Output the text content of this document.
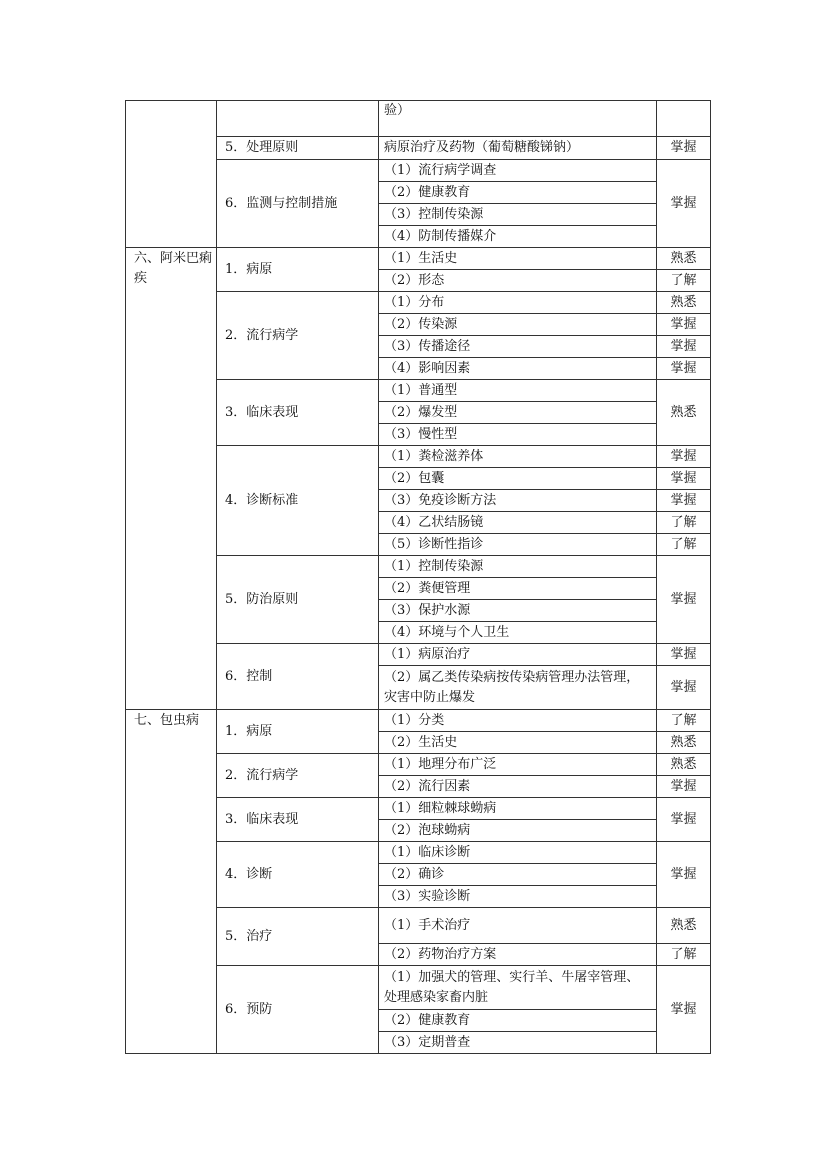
		验）	
	5．处理原则	病原治疗及药物（葡萄糖酸锑钠）	掌握
	6．监测与控制措施	（1）流行病学调查	掌握
		（2）健康教育	
		（3）控制传染源	
		（4）防制传播媒介	
六、阿米巴痢疾	1．病原	（1）生活史	熟悉
		（2）形态	了解
	2．流行病学	（1）分布	熟悉
		（2）传染源	掌握
		（3）传播途径	掌握
		（4）影响因素	掌握
	3．临床表现	（1）普通型	熟悉
		（2）爆发型	
		（3）慢性型	
	4．诊断标准	（1）粪检滋养体	掌握
		（2）包囊	掌握
		（3）免疫诊断方法	掌握
		（4）乙状结肠镜	了解
		（5）诊断性指诊	了解
	5．防治原则	（1）控制传染源	掌握
		（2）粪便管理	
		（3）保护水源	
		（4）环境与个人卫生	
	6．控制	（1）病原治疗	掌握
		（2）属乙类传染病按传染病管理办法管理，灾害中防止爆发	掌握
七、包虫病	1．病原	（1）分类	了解
		（2）生活史	熟悉
	2．流行病学	（1）地理分布广泛	熟悉
		（2）流行因素	掌握
	3．临床表现	（1）细粒棘球蚴病	掌握
		（2）泡球蚴病	
	4．诊断	（1）临床诊断	掌握
		（2）确诊	
		（3）实验诊断	
	5．治疗	（1）手术治疗	熟悉
		（2）药物治疗方案	了解
	6．预防	（1）加强犬的管理、实行羊、牛屠宰管理、处理感染家畜内脏	掌握
		（2）健康教育	
		（3）定期普查	
